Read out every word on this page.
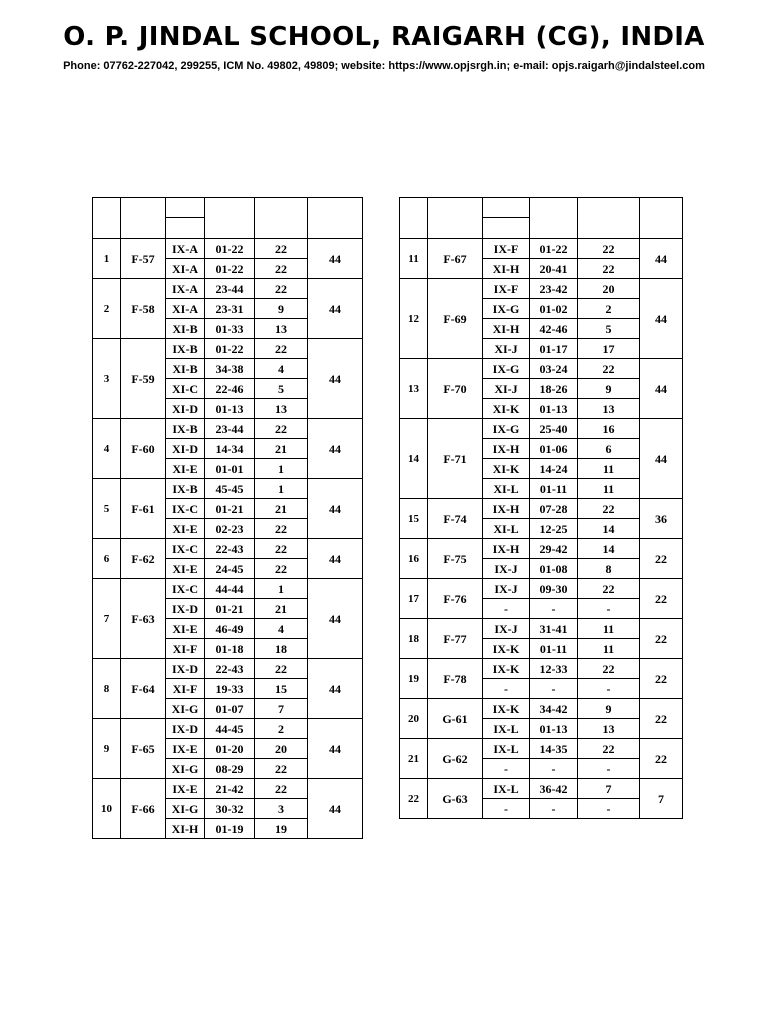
O. P. JINDAL SCHOOL, RAIGARH (CG), INDIA
Phone: 07762-227042, 299255, ICM No. 49802, 49809; website: https://www.opjsrgh.in; e-mail: opjs.raigarh@jindalsteel.com

1	F-57	IX-A	01-22	22	44
		XI-A	01-22	22	
2	F-58	IX-A	23-44	22	44
		XI-A	23-31	9	
		XI-B	01-33	13	
3	F-59	IX-B	01-22	22	44
		XI-B	34-38	4	
		XI-C	22-46	5	
		XI-D	01-13	13	
4	F-60	IX-B	23-44	22	44
		XI-D	14-34	21	
		XI-E	01-01	1	
5	F-61	IX-B	45-45	1	44
		IX-C	01-21	21	
		XI-E	02-23	22	
6	F-62	IX-C	22-43	22	44
		XI-E	24-45	22	
7	F-63	IX-C	44-44	1	44
		IX-D	01-21	21	
		XI-E	46-49	4	
		XI-F	01-18	18	
8	F-64	IX-D	22-43	22	44
		XI-F	19-33	15	
		XI-G	01-07	7	
9	F-65	IX-D	44-45	2	44
		IX-E	01-20	20	
		XI-G	08-29	22	
10	F-66	IX-E	21-42	22	44
		XI-G	30-32	3	
		XI-H	01-19	19	

11	F-67	IX-F	01-22	22	44
		XI-H	20-41	22	
12	F-69	IX-F	23-42	20	44
		IX-G	01-02	2	
		XI-H	42-46	5	
		XI-J	01-17	17	
13	F-70	IX-G	03-24	22	44
		XI-J	18-26	9	
		XI-K	01-13	13	
14	F-71	IX-G	25-40	16	44
		IX-H	01-06	6	
		XI-K	14-24	11	
		XI-L	01-11	11	
15	F-74	IX-H	07-28	22	36
		XI-L	12-25	14	
16	F-75	IX-H	29-42	14	22
		IX-J	01-08	8	
17	F-76	IX-J	09-30	22	22
		-	-	-	
18	F-77	IX-J	31-41	11	22
		IX-K	01-11	11	
19	F-78	IX-K	12-33	22	22
		-	-	-	
20	G-61	IX-K	34-42	9	22
		IX-L	01-13	13	
21	G-62	IX-L	14-35	22	22
		-	-	-	
22	G-63	IX-L	36-42	7	7
		-	-	-	
